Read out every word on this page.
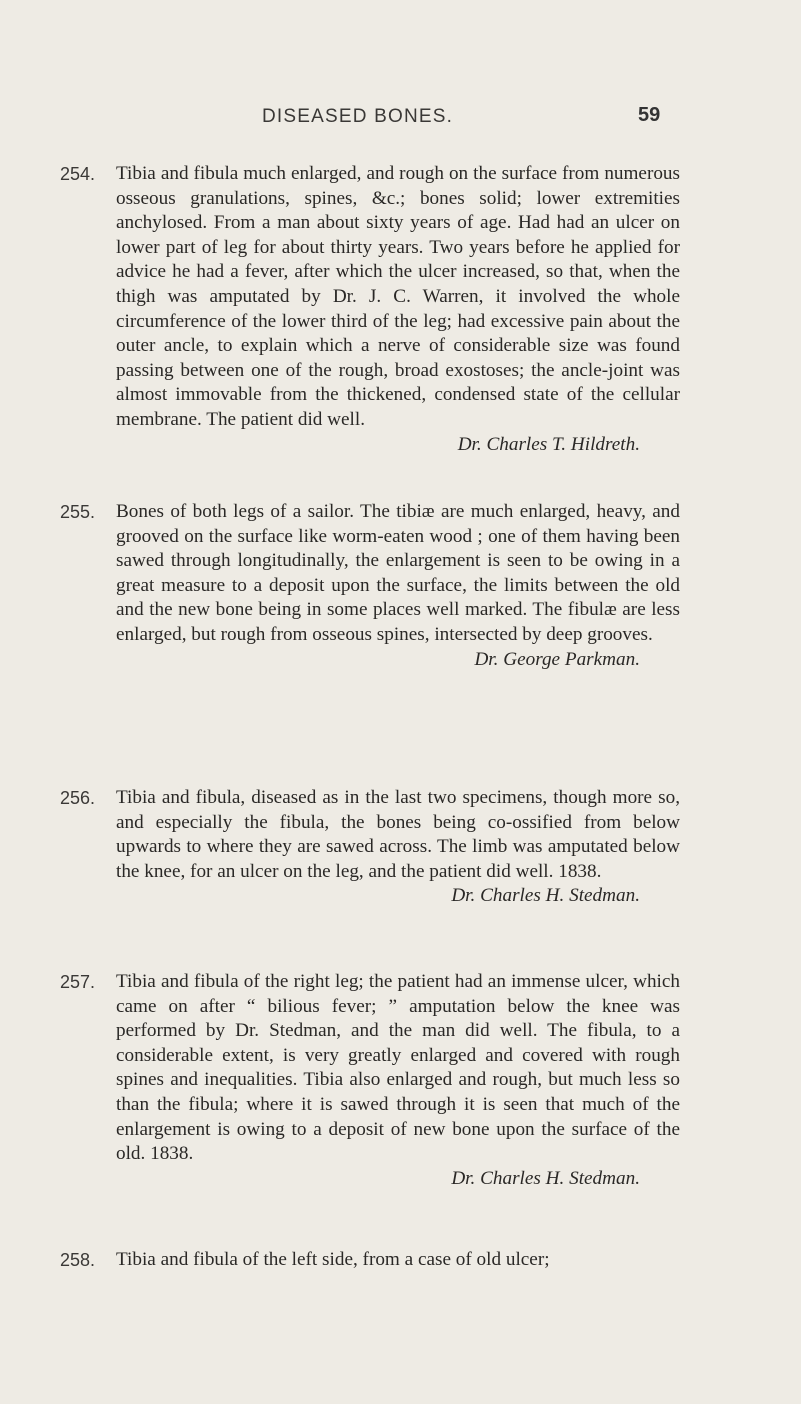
DISEASED BONES.	59
254. Tibia and fibula much enlarged, and rough on the surface from numerous osseous granulations, spines, &c.; bones solid; lower extremities anchylosed. From a man about sixty years of age. Had had an ulcer on lower part of leg for about thirty years. Two years before he applied for advice he had a fever, after which the ulcer increased, so that, when the thigh was amputated by Dr. J. C. Warren, it involved the whole circumference of the lower third of the leg; had excessive pain about the outer ancle, to explain which a nerve of considerable size was found passing between one of the rough, broad exostoses; the ancle-joint was almost immovable from the thickened, condensed state of the cellular membrane. The patient did well.
Dr. Charles T. Hildreth.
255. Bones of both legs of a sailor. The tibiæ are much enlarged, heavy, and grooved on the surface like worm-eaten wood ; one of them having been sawed through longitudinally, the enlargement is seen to be owing in a great measure to a deposit upon the surface, the limits between the old and the new bone being in some places well marked. The fibulæ are less enlarged, but rough from osseous spines, intersected by deep grooves.
Dr. George Parkman.
256. Tibia and fibula, diseased as in the last two specimens, though more so, and especially the fibula, the bones being co-ossified from below upwards to where they are sawed across. The limb was amputated below the knee, for an ulcer on the leg, and the patient did well. 1838.
Dr. Charles H. Stedman.
257. Tibia and fibula of the right leg; the patient had an immense ulcer, which came on after “ bilious fever; ” amputation below the knee was performed by Dr. Stedman, and the man did well. The fibula, to a considerable extent, is very greatly enlarged and covered with rough spines and inequalities. Tibia also enlarged and rough, but much less so than the fibula; where it is sawed through it is seen that much of the enlargement is owing to a deposit of new bone upon the surface of the old. 1838.
Dr. Charles H. Stedman.
258. Tibia and fibula of the left side, from a case of old ulcer;
